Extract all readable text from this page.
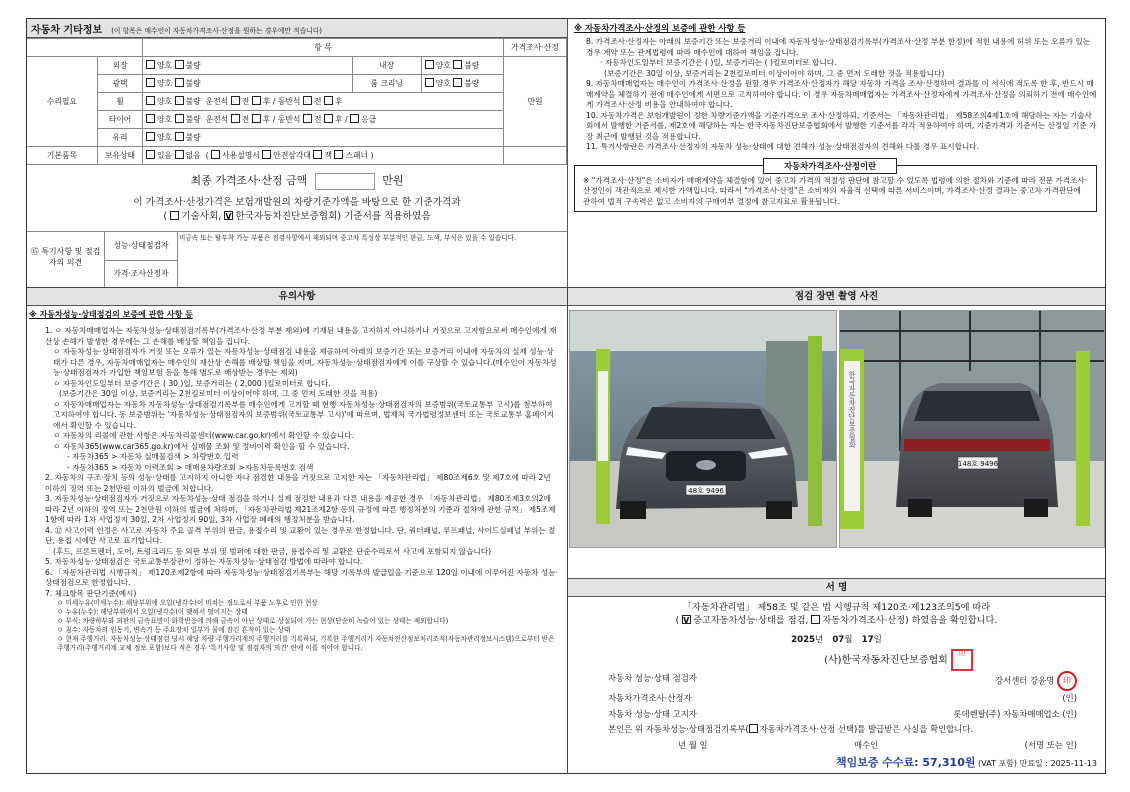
자동차 기타정보 (이 항목은 매수인이 자동차가격조사·산정을 원하는 경우에만 적습니다)
		항 목			가격조사·산정
수리필요	외장	양호 불량	내장	양호 불량	만원
	광택	양호 불량	룸 크리닝	양호 불량	
	휠	양호 불량 운전석 전 후 / 동반석 전 후			
	타이어	양호 불량 운전석 전 후 / 동반석 전 후 / 응급			
	유리	양호 불량			
기본품목	보유상태	있음 없음 ( 사용설명서 안전삼각대 잭 스패너 )			
최종 가격조사·산정 금액	만원
이 가격조사·산정가격은 보험개발원의 차량기준가액을 바탕으로 한 기준가격과
( 기술사회, V 한국자동차진단보증협회) 기준서를 적용하였음
⑮ 특기사항 및 점검자의 의견
성능·상태점검자
비금속 또는 탈부착 가능 부품은 점검사항에서 제외되며 중고차 특성상 부분적인 판금, 도색, 부식은 있을 수 있습니다.
가격·조사산정자
※ 자동차가격조사·산정의 보증에 관한 사항 등
8. 가격조사·산정자는 아래의 보증기간 또는 보증거리 이내에 자동차성능·상태점검기록부(가격조사·산정 부분 한정)에 적힌 내용에 허위 또는 오류가 있는 경우 계약 또는 관계법령에 따라 매수인에 대하여 책임을 집니다.
· 자동차인도일부터 보증기간은 ( )일, 보증거리는 ( )킬로미터로 합니다.
(보증기간은 30일 이상, 보증거리는 2천킬로미터 이상이어야 하며, 그 중 먼저 도래한 것을 적용합니다)
9. 자동차매매업자는 매수인이 가격조사·산정을 원할 경우 가격조사·산정자가 해당 자동차 가격을 조사·산정하여 결과를 이 서식에 적도록 한 후, 반드시 매매계약을 체결하기 전에 매수인에게 서면으로 고지하여야 합니다. 이 경우 자동차매매업자는 가격조사·산정자에게 가격조사·산정을 의뢰하기 전에 매수인에게 가격조사·산정 비용을 안내하여야 합니다.
10. 자동차가격은 보험개발원이 정한 차량기준가액을 기준가격으로 조사·산정하되, 기준서는 「자동차관리법」 제58조의4제1호에 해당하는 자는 기술사회에서 발행한 기준서를, 제2호에 해당하는 자는 한국자동차진단보증협회에서 발행한 기준서를 각각 적용하여야 하며, 기준가격과 기준서는 산정일 기준 가장 최근에 발행된 것을 적용합니다.
11. 특기사항란은 가격조사·산정자의 자동차 성능·상태에 대한 견해가 성능·상태점검자의 견해와 다를 경우 표시합니다.
자동차가격조사·산정이란
※ "가격조사·산정"은 소비자가 매매계약을 체결함에 있어 중고차 가격의 적절성 판단에 참고할 수 있도록 법령에 의한 절차와 기준에 따라 전문 가격조사·산정인이 객관적으로 제시한 가액입니다. 따라서 "가격조사·산정"은 소비자의 자율적 선택에 따른 서비스이며, 가격조사·산정 결과는 중고차 가격판단에 관하여 법적 구속력은 없고 소비자의 구매여부 결정에 참고자료로 활용됩니다.
유의사항
※ 자동차성능·상태점검의 보증에 관한 사항 등
1. ㅇ 자동차매매업자는 자동차성능·상태점검기록부(가격조사·산정 부분 제외)에 기재된 내용을 고지하지 아니하거나 거짓으로 고지함으로써 매수인에게 재산상 손해가 발생한 경우에는 그 손해를 배상할 책임을 집니다.
ㅇ 자동차성능·상태점검자가 거짓 또는 오류가 있는 자동차성능·상태점검 내용을 제공하여 아래의 보증기간 또는 보증거리 이내에 자동차의 실제 성능·상태가 다른 경우, 자동차매매업자는 매수인의 재산상 손해를 배상할 책임을 지며, 자동차성능·상태점검자에게 이를 구상할 수 있습니다.(매수인이 자동차성능·상태점검자가 가입한 책임보험 등을 통해 별도로 배상받는 경우는 제외)
ㅇ 자동차인도일부터 보증기간은 ( 30 )일, 보증거리는 ( 2,000 )킬로미터로 합니다.
(보증기간은 30일 이상, 보증거리는 2천킬로미터 이상이어야 하며, 그 중 먼저 도래한 것을 적용)
ㅇ 자동차매매업자는 자동차 자동차성능·상태점검기록부를 매수인에게 고지할 때 현행 자동차성능·상태점검자의 보증범위(국토교통부 고시)를 첨부하여 고지하여야 합니다. 동 보증범위는 '자동차성능·상태점검자의 보증범위(국토교통부 고시)'에 따르며, 법제처 국가법령정보센터 또는 국토교통부 홈페이지에서 확인할 수 있습니다.
ㅇ 자동차의 리콜에 관한 사항은 자동차리콜센터(www.car.go.kr)에서 확인할 수 있습니다.
ㅇ 자동차365(www.car365.go.kr)에서 실매물 조회 및 정비이력 확인을 할 수 있습니다.
- 자동차365 > 자동차 실매물검색 > 차량번호 입력
- 자동차365 > 자동차 이력조회 > 매매용차량조회 >자동차등록번호 검색
2. 자동차의 구조·장치 등의 성능·상태를 고지하지 아니한 자나 점검한 내용을 거짓으로 고지한 자는 「자동차관리법」 제80조제6호 및 제7호에 따라 2년 이하의 징역 또는 2천만원 이하의 벌금에 처합니다.
3. 자동차성능·상태점검자가 거짓으로 자동차성능·상태 점검을 하거나 실제 점검한 내용과 다른 내용을 제공한 경우 「자동차관리법」 제80조제3호의2에 따라 2년 이하의 징역 또는 2천만원 이하의 벌금에 처하며, 「자동차관리법 제21조제2항 등의 규정에 따른 행정처분의 기준과 절차에 관한 규칙」 제5조제1항에 따라 1차 사업정지 30일, 2차 사업정지 90일, 3차 사업장 폐쇄의 행정처분을 받습니다.
4. ⑫ 사고이력 인정은 사고로 자동차 주요 골격 부위의 판금, 용접수리 및 교환이 있는 경우로 한정합니다. 단, 쿼터패널, 루프패널, 사이드실패널 부위는 절단, 용접 시에만 사고로 표기합니다.
(후드, 프론트펜더, 도어, 트렁크리드 등 외판 부위 및 범퍼에 대한 판금, 용접수리 및 교환은 단순수리로서 사고에 포함되지 않습니다)
5. 자동차성능·상태점검은 국토교통부장관이 정하는 자동차성능·상태점검 방법에 따라야 합니다.
6. 「자동차관리법 시행규칙」 제120조제2항에 따라 자동차성능·상태점검기록부는 해당 기록부의 발급일을 기준으로 120일 이내에 이루어진 자동차 성능·상태점검으로 한정합니다.
7. 체크항목 판단기준(예시)
ㅇ 미세누유(미세누수): 해당부위에 오일(냉각수)이 비치는 정도로서 부품 노후로 인한 현상
ㅇ 누유(누수): 해당부위에서 오일(냉각수)이 맺혀서 떨어지는 상태
ㅇ 부식: 차량하부와 외판의 금속표면이 화학반응에 의해 금속이 아닌 상태로 상실되어 가는 현상(단순히 녹슬어 있는 상태는 제외합니다)
ㅇ 침수: 자동차의 원동기, 변속기 등 주요장치 일부가 물에 잠긴 흔적이 있는 상태
ㅇ 현재 주행거리: 자동차성능·상태점검 당시 해당 차량 주행거리계의 주행거리를 기록하되, 기록한 주행거리가 자동차전산정보처리조직(자동차관리정보시스템)으로부터 받은 주행거리(주행거리계 교체 정보 포함)보다 적은 경우 '특기사항 및 점검자의 의견' 란에 이를 적어야 합니다.
점검 장면 촬영 사진
48호 9496
한국자동차진단보증협회
148호 9496
서 명
「자동차관리법」 제58조 및 같은 법 시행규칙 제120조·제123조의5에 따라
( V중고자동차성능·상태를 점검, 자동차가격조사·산정) 하였음을 확인합니다.
2025년 07월 17일
(사)한국자동차진단보증협회 印
자동차 성능·상태 점검자	강서센터 강윤명 印
자동차가격조사·산정자	(인)
자동차 성능·상태 고지자	롯데렌탈(주) 자동차매매업소 (인)
본인은 위 자동차성능·상태점검기록부( 자동차가격조사·산정 선택)를 발급받은 사실을 확인합니다.
년 월 일	매수인	(서명 또는 인)
책임보증 수수료: 57,310원 (VAT 포함) 만료일 : 2025-11-13
